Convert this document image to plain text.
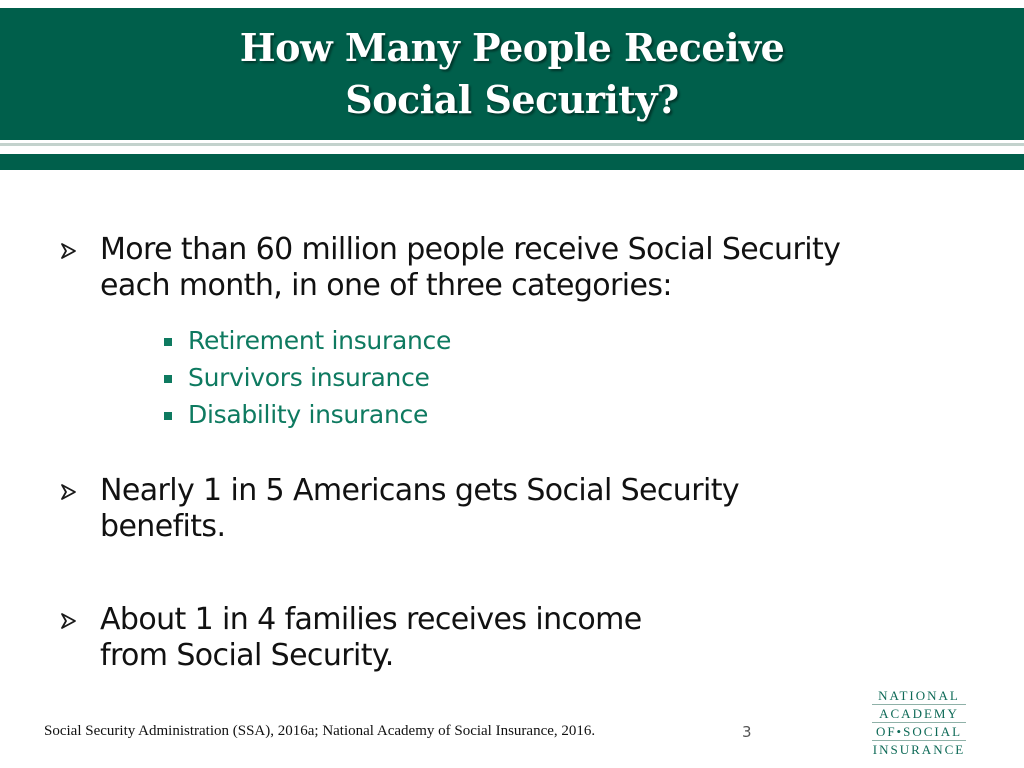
How Many People Receive
Social Security?
More than 60 million people receive Social Security
each month, in one of three categories:
Retirement insurance
Survivors insurance
Disability insurance
Nearly 1 in 5 Americans gets Social Security
benefits.
About 1 in 4 families receives income
from Social Security.
Social Security Administration (SSA), 2016a; National Academy of Social Insurance, 2016.	3
NATIONAL
ACADEMY
OF•SOCIAL
INSURANCE
